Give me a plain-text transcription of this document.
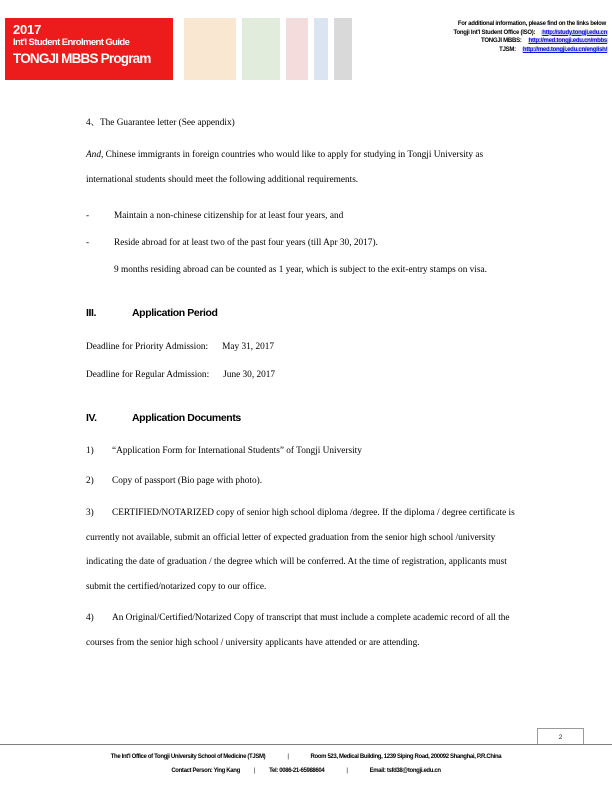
2017
Int'l Student Enrolment Guide
TONGJI MBBS Program
For additional information, please find on the links below
Tongji Int'l Student Office (ISO): http://study.tongji.edu.cn
TONGJI MBBS: http://med.tongji.edu.cn/mbbs
TJSM: http://med.tongji.edu.cn/english/

4、The Guarantee letter (See appendix)

And, Chinese immigrants in foreign countries who would like to apply for studying in Tongji University as international students should meet the following additional requirements.

-	Maintain a non-chinese citizenship for at least four years, and
-	Reside abroad for at least two of the past four years (till Apr 30, 2017).

9 months residing abroad can be counted as 1 year, which is subject to the exit-entry stamps on visa.

III.	Application Period

Deadline for Priority Admission: May 31, 2017

Deadline for Regular Admission: June 30, 2017

IV.	Application Documents
1)	“Application Form for International Students” of Tongji University
2)	Copy of passport (Bio page with photo).

3) CERTIFIED/NOTARIZED copy of senior high school diploma /degree. If the diploma / degree certificate is currently not available, submit an official letter of expected graduation from the senior high school /university indicating the date of graduation / the degree which will be conferred. At the time of registration, applicants must submit the certified/notarized copy to our office.

4) An Original/Certified/Notarized Copy of transcript that must include a complete academic record of all the courses from the senior high school / university applicants have attended or are attending.

2
The Int'l Office of Tongji University School of Medicine (TJSM)	|	Room 523, Medical Building, 1239 Siping Road, 200092 Shanghai, P.R.China
Contact Person: Ying Kang | Tel: 0086-21-65988604	|	Email: tsfd38@tongji.edu.cn
